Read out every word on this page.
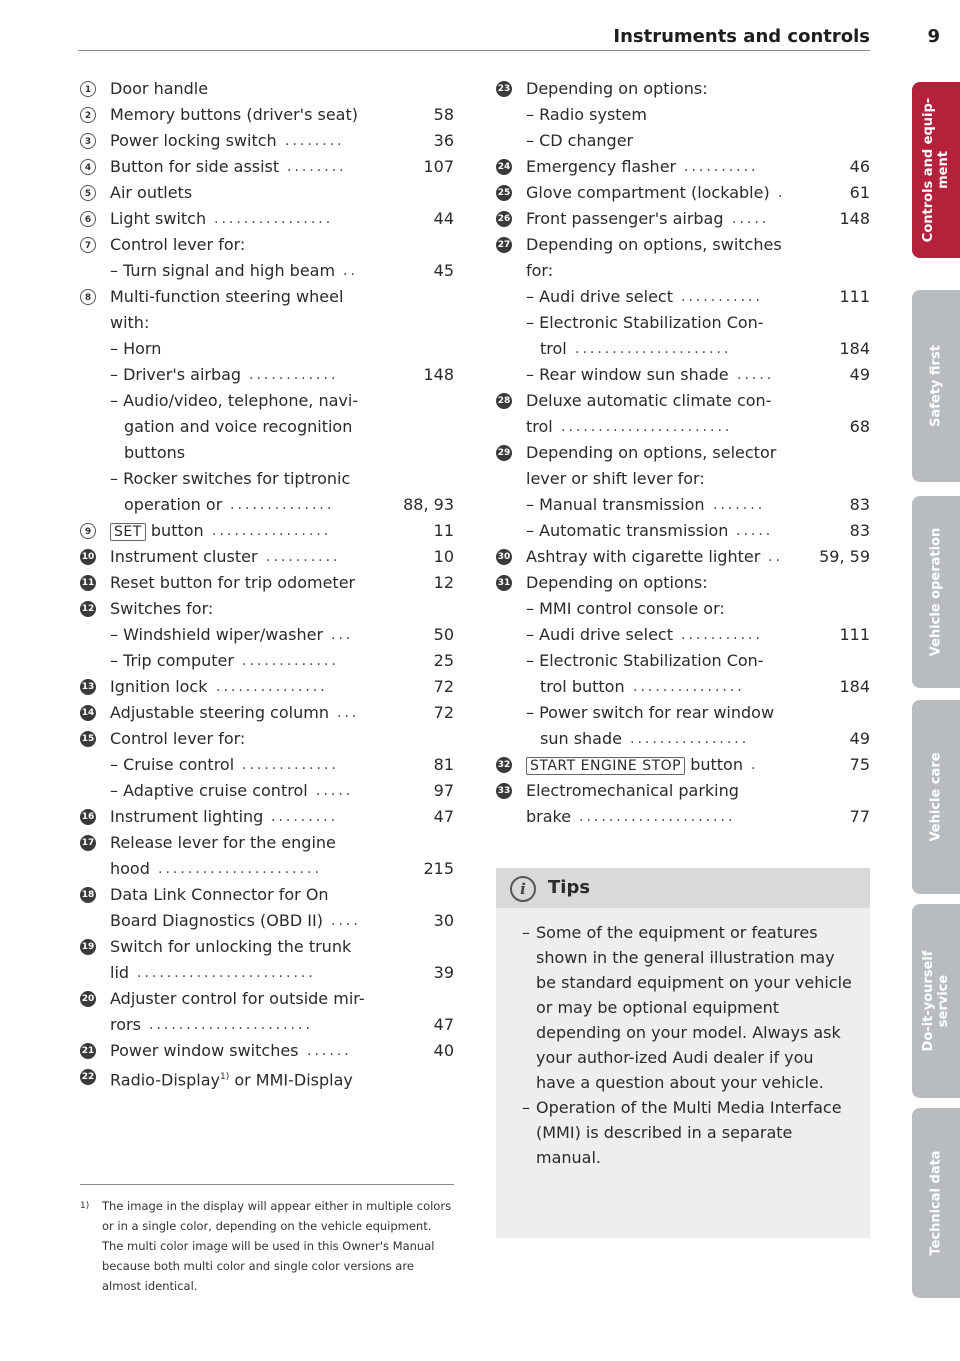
Instruments and controls	9
1	Door handle
2	Memory buttons (driver's seat)	58
3	Power locking switch	36
........
4	Button for side assist	107
........
5	Air outlets
6	Light switch	44
................
7	Control lever for:
– Turn signal and high beam	45
..
8	Multi-function steering wheel
with:
– Horn
– Driver's airbag	148
............
– Audio/video, telephone, navi-
gation and voice recognition
buttons
– Rocker switches for tiptronic
operation or	88, 93
..............
9	SET button	11
................
10 Instrument cluster	10
..........
11 Reset button for trip odometer	12
12 Switches for:
– Windshield wiper/washer	50
...
– Trip computer	25
.............
13 Ignition lock	72
...............
14 Adjustable steering column	72
...
15 Control lever for:
– Cruise control	81
.............
– Adaptive cruise control	97
.....
16 Instrument lighting	47
.........
17 Release lever for the engine
hood	215
......................
18 Data Link Connector for On
Board Diagnostics (OBD II)	30
....
19 Switch for unlocking the trunk
lid	39
........................
20 Adjuster control for outside mir-
rors	47
......................
21 Power window switches	40
......
22 Radio-Display$^{1)}$ or MMI-Display
23 Depending on options:
– Radio system
– CD changer
24 Emergency flasher	46
..........
25 Glove compartment (lockable)	61
.
26 Front passenger's airbag	148
.....
27 Depending on options, switches
for:
– Audi drive select	111
...........
– Electronic Stabilization Con-
trol	184
.....................
– Rear window sun shade	49
.....
28 Deluxe automatic climate con-
trol	68
.......................
29 Depending on options, selector
lever or shift lever for:
– Manual transmission	83
.......
– Automatic transmission	83
.....
30 Ashtray with cigarette lighter	59, 59
..
31 Depending on options:
– MMI control console or:
– Audi drive select	111
...........
– Electronic Stabilization Con-
trol button	184
...............
– Power switch for rear window
sun shade	49
................
32 START ENGINE STOP button	75
.
33 Electromechanical parking
brake	77
.....................
1) The image in the display will appear either in multiple colors or in a single color, depending on the vehicle equipment. The multi color image will be used in this Owner's Manual because both multi color and single color versions are almost identical.
i	Tips
– Some of the equipment or features shown in the general illustration may be standard equipment on your vehicle or may be optional equipment depending on your model. Always ask your author-ized Audi dealer if you have a question about your vehicle.
– Operation of the Multi Media Interface (MMI) is described in a separate manual.
Controls and equip-
ment
Safety first
Vehicle operation
Vehicle care
Do-it-yourself
service
Technical data
